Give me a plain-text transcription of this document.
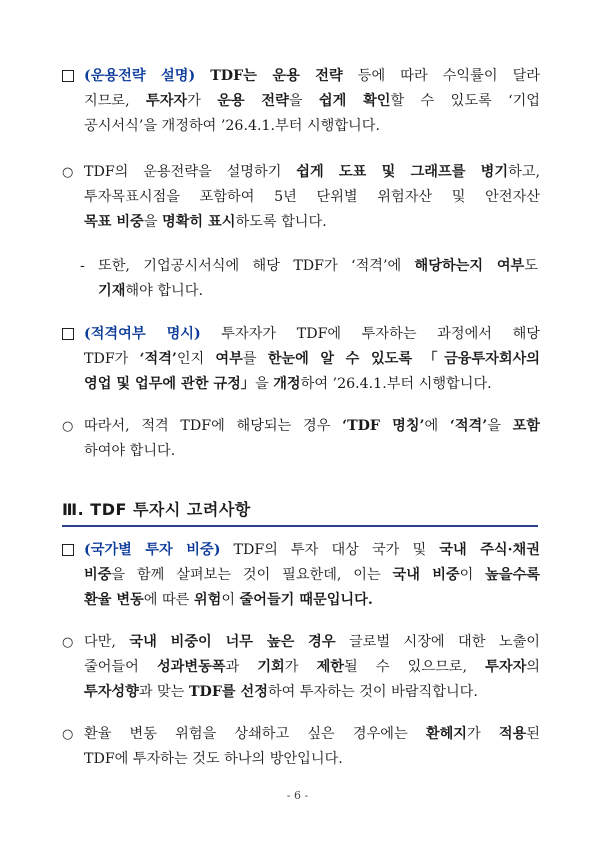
(운용전략 설명) TDF는 운용 전략 등에 따라 수익률이 달라
지므로, 투자자가 운용 전략을 쉽게 확인할 수 있도록 ‘기업
공시서식’을 개정하여 ’26.4.1.부터 시행합니다.
○ TDF의 운용전략을 설명하기 쉽게 도표 및 그래프를 병기하고,
투자목표시점을 포함하여 5년 단위별 위험자산 및 안전자산
목표 비중을 명확히 표시하도록 합니다.
- 또한, 기업공시서식에 해당 TDF가 ‘적격’에 해당하는지 여부도
기재해야 합니다.
(적격여부 명시) 투자자가 TDF에 투자하는 과정에서 해당
TDF가 ‘적격’인지 여부를 한눈에 알 수 있도록 「금융투자회사의
영업 및 업무에 관한 규정」을 개정하여 ’26.4.1.부터 시행합니다.
○ 따라서, 적격 TDF에 해당되는 경우 ‘TDF 명칭’에 ‘적격’을 포함
하여야 합니다.
Ⅲ. TDF 투자시 고려사항
(국가별 투자 비중) TDF의 투자 대상 국가 및 국내 주식·채권
비중을 함께 살펴보는 것이 필요한데, 이는 국내 비중이 높을수록
환율 변동에 따른 위험이 줄어들기 때문입니다.
○ 다만, 국내 비중이 너무 높은 경우 글로벌 시장에 대한 노출이
줄어들어 성과변동폭과 기회가 제한될 수 있으므로, 투자자의
투자성향과 맞는 TDF를 선정하여 투자하는 것이 바람직합니다.
○ 환율 변동 위험을 상쇄하고 싶은 경우에는 환헤지가 적용된
TDF에 투자하는 것도 하나의 방안입니다.
- 6 -
